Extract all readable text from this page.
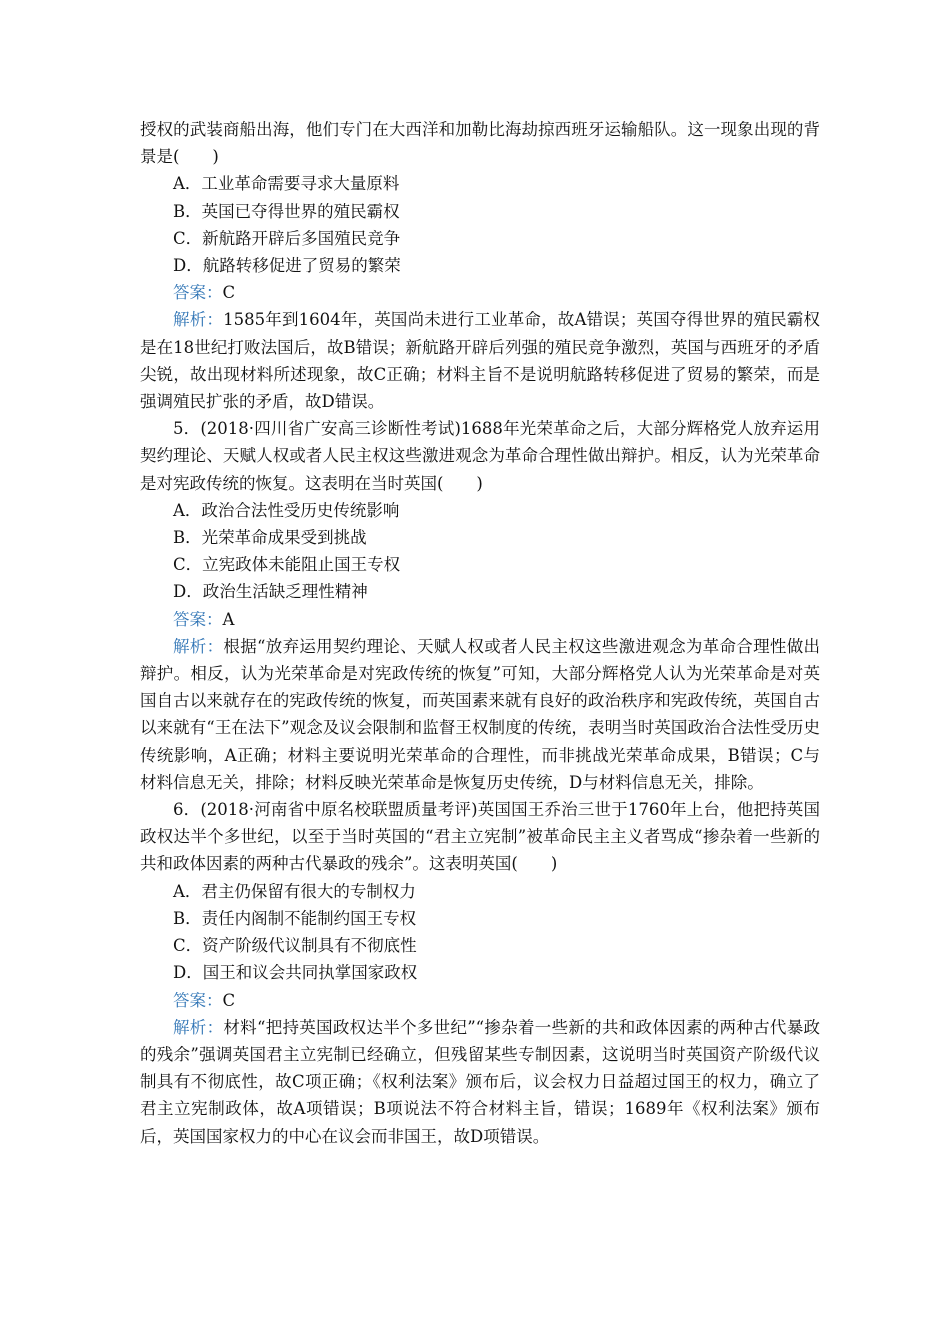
授权的武装商船出海，他们专门在大西洋和加勒比海劫掠西班牙运输船队。这一现象出现的背景是(　　)

A．工业革命需要寻求大量原料

B．英国已夺得世界的殖民霸权

C．新航路开辟后多国殖民竞争

D．航路转移促进了贸易的繁荣

答案：C

解析：1585年到1604年，英国尚未进行工业革命，故A错误；英国夺得世界的殖民霸权是在18世纪打败法国后，故B错误；新航路开辟后列强的殖民竞争激烈，英国与西班牙的矛盾尖锐，故出现材料所述现象，故C正确；材料主旨不是说明航路转移促进了贸易的繁荣，而是强调殖民扩张的矛盾，故D错误。

5．(2018·四川省广安高三诊断性考试)1688年光荣革命之后，大部分辉格党人放弃运用契约理论、天赋人权或者人民主权这些激进观念为革命合理性做出辩护。相反，认为光荣革命是对宪政传统的恢复。这表明在当时英国(　　)

A．政治合法性受历史传统影响

B．光荣革命成果受到挑战

C．立宪政体未能阻止国王专权

D．政治生活缺乏理性精神

答案：A

解析：根据“放弃运用契约理论、天赋人权或者人民主权这些激进观念为革命合理性做出辩护。相反，认为光荣革命是对宪政传统的恢复”可知，大部分辉格党人认为光荣革命是对英国自古以来就存在的宪政传统的恢复，而英国素来就有良好的政治秩序和宪政传统，英国自古以来就有“王在法下”观念及议会限制和监督王权制度的传统，表明当时英国政治合法性受历史传统影响，A正确；材料主要说明光荣革命的合理性，而非挑战光荣革命成果，B错误；C与材料信息无关，排除；材料反映光荣革命是恢复历史传统，D与材料信息无关，排除。

6．(2018·河南省中原名校联盟质量考评)英国国王乔治三世于1760年上台，他把持英国政权达半个多世纪，以至于当时英国的“君主立宪制”被革命民主主义者骂成“掺杂着一些新的共和政体因素的两种古代暴政的残余”。这表明英国(　　)

A．君主仍保留有很大的专制权力

B．责任内阁制不能制约国王专权

C．资产阶级代议制具有不彻底性

D．国王和议会共同执掌国家政权

答案：C

解析：材料“把持英国政权达半个多世纪”“掺杂着一些新的共和政体因素的两种古代暴政的残余”强调英国君主立宪制已经确立，但残留某些专制因素，这说明当时英国资产阶级代议制具有不彻底性，故C项正确；《权利法案》颁布后，议会权力日益超过国王的权力，确立了君主立宪制政体，故A项错误；B项说法不符合材料主旨，错误；1689年《权利法案》颁布后，英国国家权力的中心在议会而非国王，故D项错误。
